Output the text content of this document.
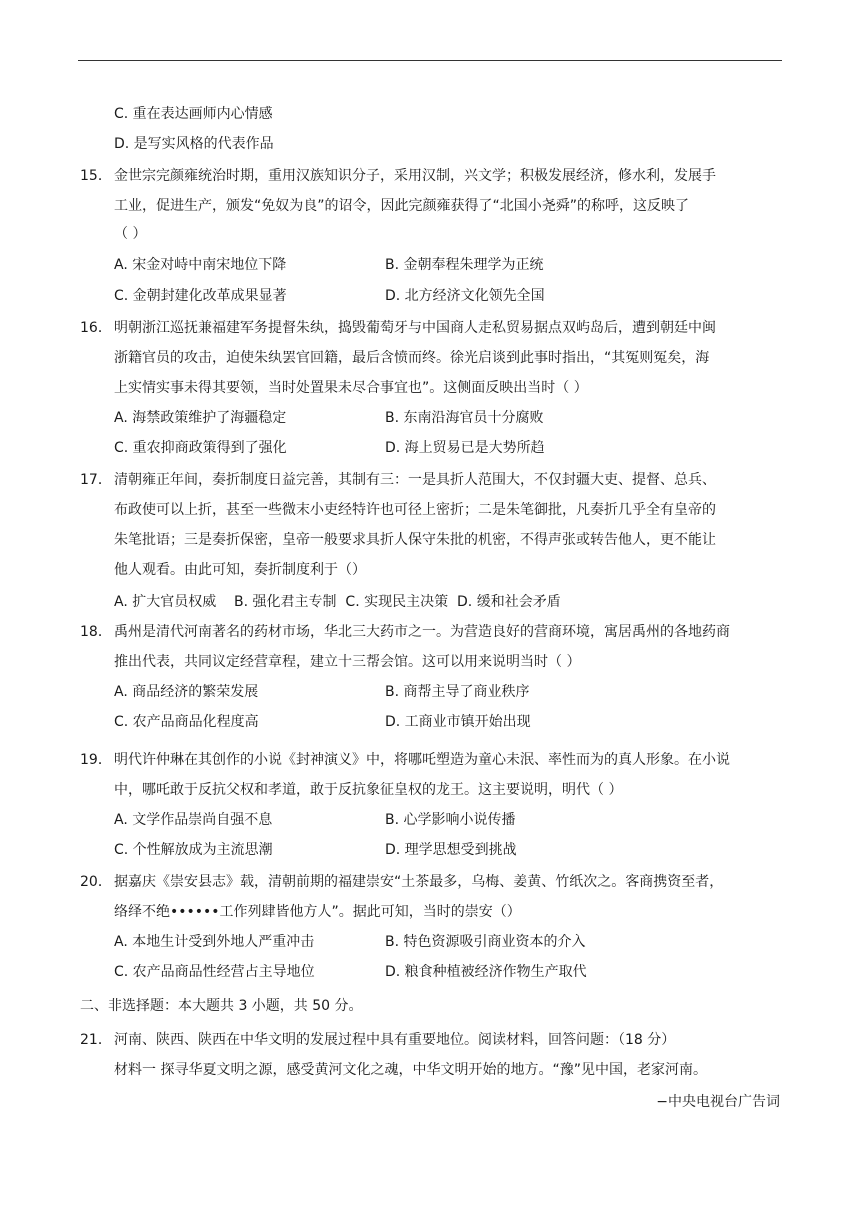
C. 重在表达画师内心情感
D. 是写实风格的代表作品
15． 金世宗完颜雍统治时期，重用汉族知识分子，采用汉制，兴文学；积极发展经济，修水利，发展手
工业，促进生产，颁发“免奴为良”的诏令，因此完颜雍获得了“北国小尧舜”的称呼，这反映了
（ ）
A. 宋金对峙中南宋地位下降	B. 金朝奉程朱理学为正统
C. 金朝封建化改革成果显著	D. 北方经济文化领先全国
16． 明朝浙江巡抚兼福建军务提督朱纨，捣毁葡萄牙与中国商人走私贸易据点双屿岛后，遭到朝廷中闽
浙籍官员的攻击，迫使朱纨罢官回籍，最后含愤而终。徐光启谈到此事时指出，“其冤则冤矣，海
上实情实事未得其要领，当时处置果未尽合事宜也”。这侧面反映出当时（ ）
A. 海禁政策维护了海疆稳定	B. 东南沿海官员十分腐败
C. 重农抑商政策得到了强化	D. 海上贸易已是大势所趋
17． 清朝雍正年间，奏折制度日益完善，其制有三：一是具折人范围大，不仅封疆大吏、提督、总兵、
布政使可以上折，甚至一些微末小吏经特许也可径上密折；二是朱笔御批，凡奏折几乎全有皇帝的
朱笔批语；三是奏折保密，皇帝一般要求具折人保守朱批的机密，不得声张或转告他人，更不能让
他人观看。由此可知，奏折制度利于（）
A. 扩大官员权威    B. 强化君主专制  C. 实现民主决策  D. 缓和社会矛盾
18． 禹州是清代河南著名的药材市场，华北三大药市之一。为营造良好的营商环境，寓居禹州的各地药商
推出代表，共同议定经营章程，建立十三帮会馆。这可以用来说明当时（ ）
A. 商品经济的繁荣发展	B. 商帮主导了商业秩序
C. 农产品商品化程度高	D. 工商业市镇开始出现
19． 明代许仲琳在其创作的小说《封神演义》中，将哪吒塑造为童心未泯、率性而为的真人形象。在小说
中，哪吒敢于反抗父权和孝道，敢于反抗象征皇权的龙王。这主要说明，明代（ ）
A. 文学作品崇尚自强不息	B. 心学影响小说传播
C. 个性解放成为主流思潮	D. 理学思想受到挑战
20． 据嘉庆《崇安县志》载，清朝前期的福建崇安“土茶最多，乌梅、姜黄、竹纸次之。客商携资至者，
络绎不绝••••••工作列肆皆他方人”。据此可知，当时的崇安（）
A. 本地生计受到外地人严重冲击	B. 特色资源吸引商业资本的介入
C. 农产品商品性经营占主导地位	D. 粮食种植被经济作物生产取代
二、非选择题：本大题共 3 小题，共 50 分。
21． 河南、陕西、陕西在中华文明的发展过程中具有重要地位。阅读材料，回答问题：（18 分）
材料一 探寻华夏文明之源，感受黄河文化之魂，中华文明开始的地方。“豫”见中国，老家河南。
−中央电视台广告词
